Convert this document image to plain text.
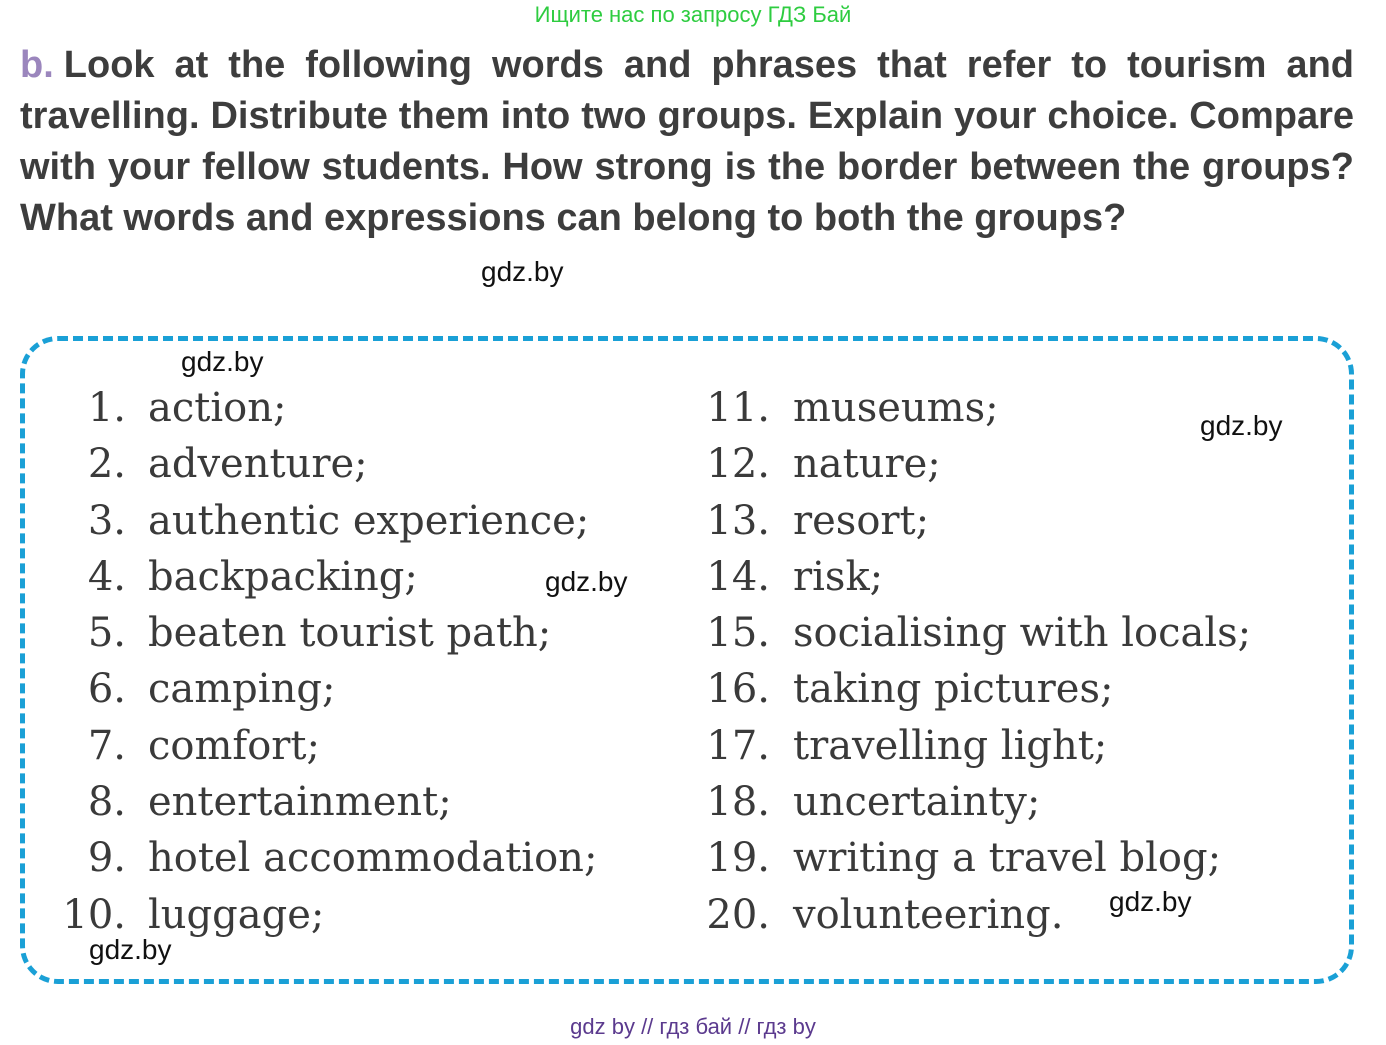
Ищите нас по запросу ГДЗ Бай

b. Look at the following words and phrases that refer to tourism and travelling. Distribute them into two groups. Explain your choice. Compare with your fellow students. How strong is the border between the groups? What words and expressions can belong to both the groups?

1. action;
2. adventure;
3. authentic experience;
4. backpacking;
5. beaten tourist path;
6. camping;
7. comfort;
8. entertainment;
9. hotel accommodation;
10. luggage;
11. museums;
12. nature;
13. resort;
14. risk;
15. socialising with locals;
16. taking pictures;
17. travelling light;
18. uncertainty;
19. writing a travel blog;
20. volunteering.
gdz.by
gdz.by
gdz.by
gdz.by
gdz.by
gdz.by
gdz by // гдз бай // гдз by
